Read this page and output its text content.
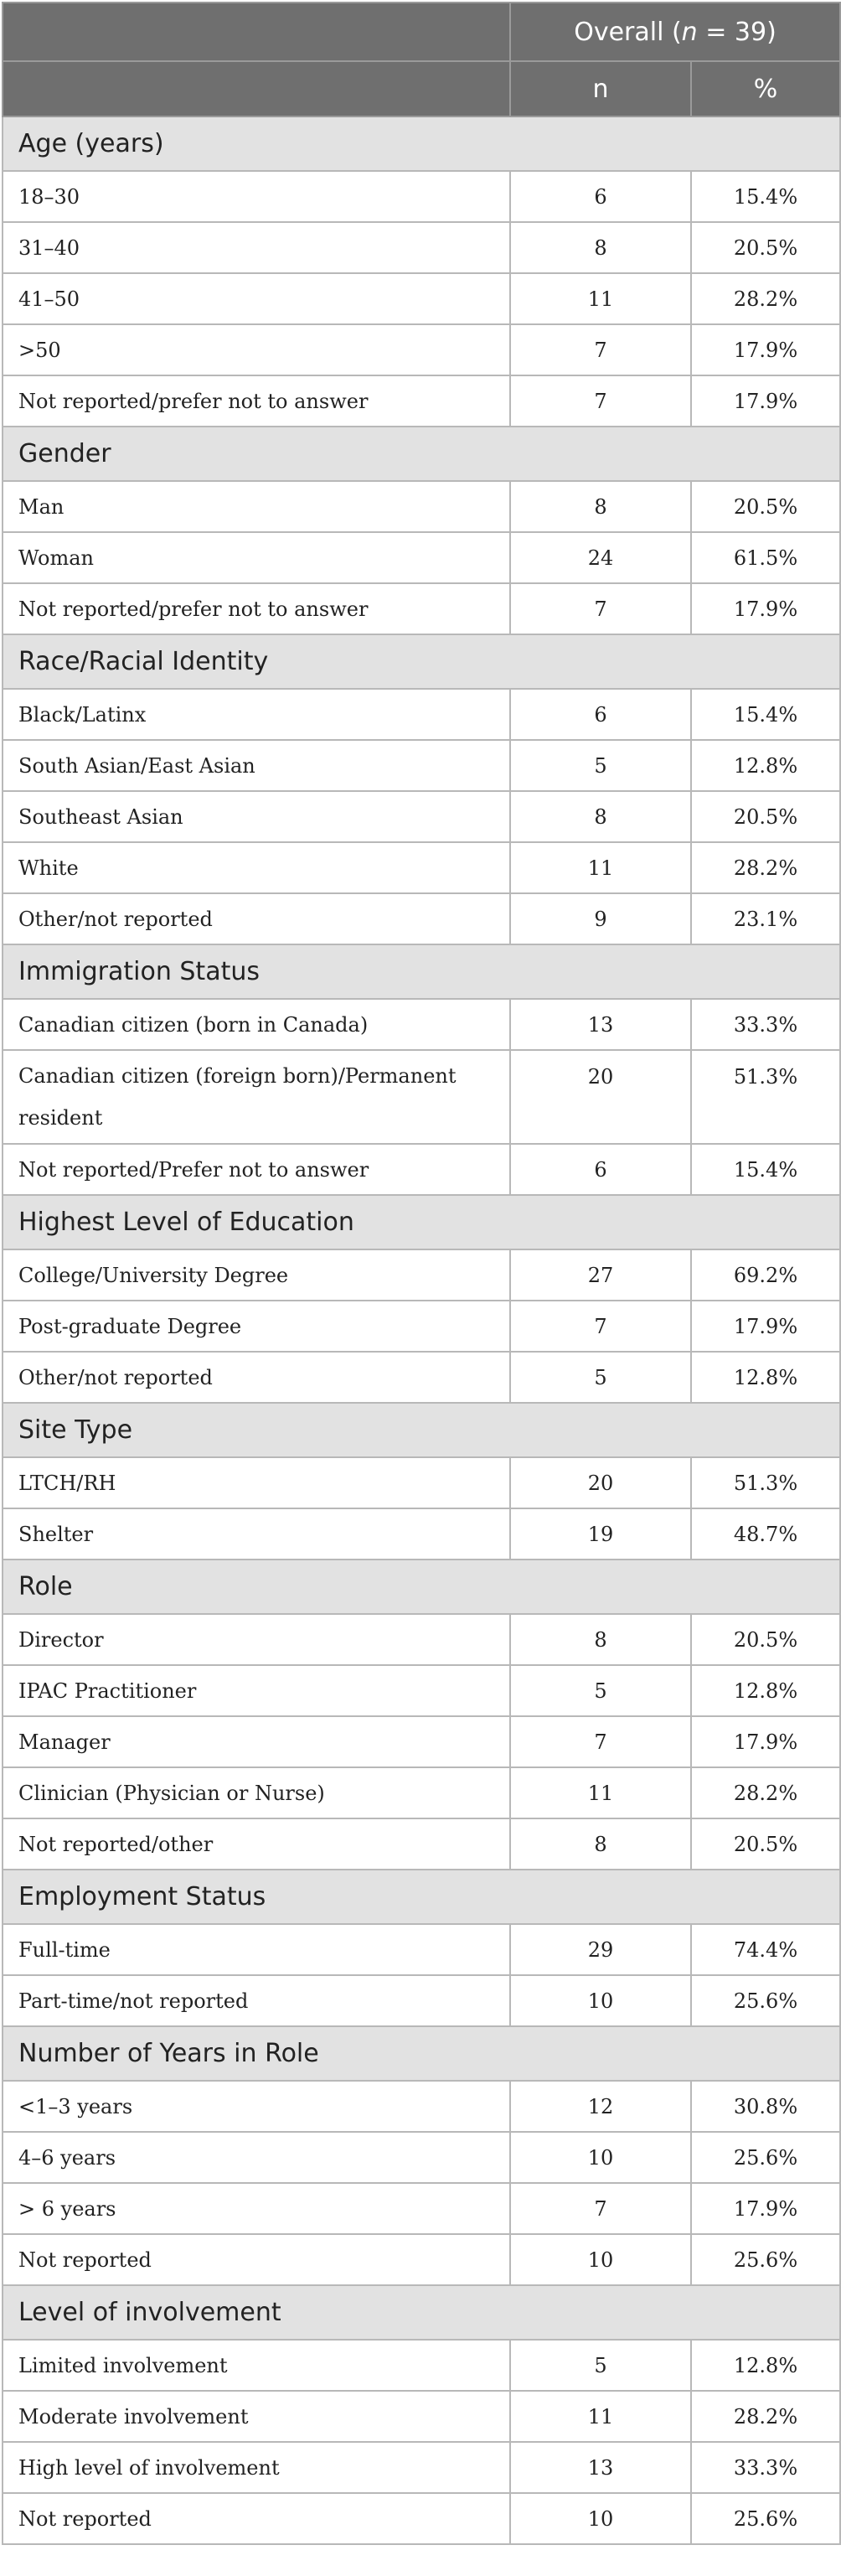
	Overall (n = 39)	
	n	%
Age (years)		
18–30	6	15.4%
31–40	8	20.5%
41–50	11	28.2%
>50	7	17.9%
Not reported/prefer not to answer	7	17.9%
Gender		
Man	8	20.5%
Woman	24	61.5%
Not reported/prefer not to answer	7	17.9%
Race/Racial Identity		
Black/Latinx	6	15.4%
South Asian/East Asian	5	12.8%
Southeast Asian	8	20.5%
White	11	28.2%
Other/not reported	9	23.1%
Immigration Status		
Canadian citizen (born in Canada)	13	33.3%
Canadian citizen (foreign born)/Permanent resident	20	51.3%
Not reported/Prefer not to answer	6	15.4%
Highest Level of Education		
College/University Degree	27	69.2%
Post-graduate Degree	7	17.9%
Other/not reported	5	12.8%
Site Type		
LTCH/RH	20	51.3%
Shelter	19	48.7%
Role		
Director	8	20.5%
IPAC Practitioner	5	12.8%
Manager	7	17.9%
Clinician (Physician or Nurse)	11	28.2%
Not reported/other	8	20.5%
Employment Status		
Full-time	29	74.4%
Part-time/not reported	10	25.6%
Number of Years in Role		
<1–3 years	12	30.8%
4–6 years	10	25.6%
> 6 years	7	17.9%
Not reported	10	25.6%
Level of involvement		
Limited involvement	5	12.8%
Moderate involvement	11	28.2%
High level of involvement	13	33.3%
Not reported	10	25.6%
